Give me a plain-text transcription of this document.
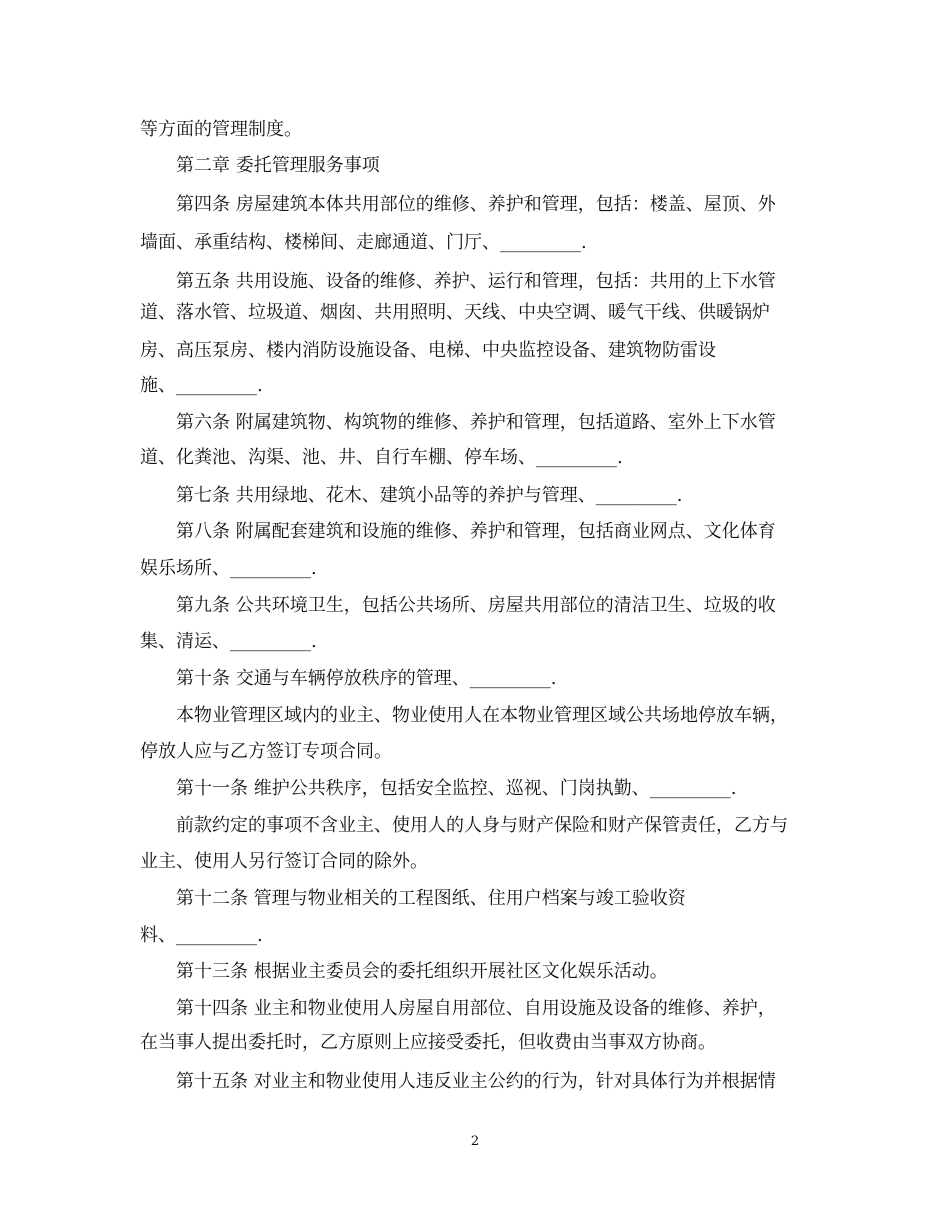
等方面的管理制度。
第二章 委托管理服务事项
第四条 房屋建筑本体共用部位的维修、养护和管理，包括：楼盖、屋顶、外
墙面、承重结构、楼梯间、走廊通道、门厅、_________.
第五条 共用设施、设备的维修、养护、运行和管理，包括：共用的上下水管
道、落水管、垃圾道、烟囱、共用照明、天线、中央空调、暖气干线、供暖锅炉
房、高压泵房、楼内消防设施设备、电梯、中央监控设备、建筑物防雷设
施、_________.
第六条 附属建筑物、构筑物的维修、养护和管理，包括道路、室外上下水管
道、化粪池、沟渠、池、井、自行车棚、停车场、_________.
第七条 共用绿地、花木、建筑小品等的养护与管理、_________.
第八条 附属配套建筑和设施的维修、养护和管理，包括商业网点、文化体育
娱乐场所、_________.
第九条 公共环境卫生，包括公共场所、房屋共用部位的清洁卫生、垃圾的收
集、清运、_________.
第十条 交通与车辆停放秩序的管理、_________.
本物业管理区域内的业主、物业使用人在本物业管理区域公共场地停放车辆，
停放人应与乙方签订专项合同。
第十一条 维护公共秩序，包括安全监控、巡视、门岗执勤、_________.
前款约定的事项不含业主、使用人的人身与财产保险和财产保管责任，乙方与
业主、使用人另行签订合同的除外。
第十二条 管理与物业相关的工程图纸、住用户档案与竣工验收资
料、_________.
第十三条 根据业主委员会的委托组织开展社区文化娱乐活动。
第十四条 业主和物业使用人房屋自用部位、自用设施及设备的维修、养护，
在当事人提出委托时，乙方原则上应接受委托，但收费由当事双方协商。
第十五条 对业主和物业使用人违反业主公约的行为，针对具体行为并根据情
2
